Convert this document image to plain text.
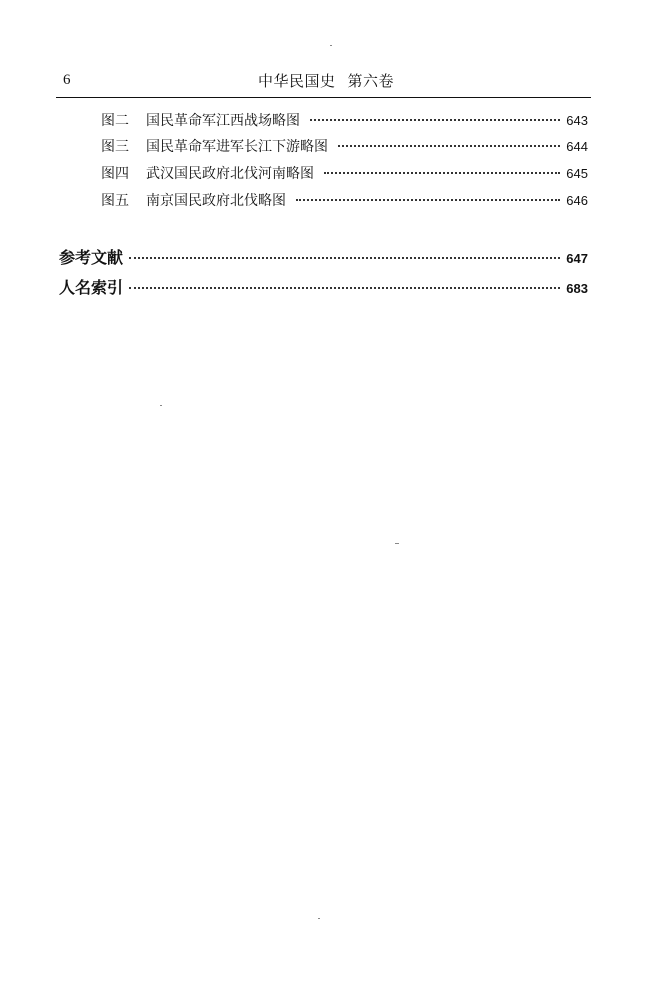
6	中华民国史 第六卷
图二	国民革命军江西战场略图	643
图三	国民革命军进军长江下游略图	644
图四	武汉国民政府北伐河南略图	645
图五	南京国民政府北伐略图	646
参考文献	647
人名索引	683
